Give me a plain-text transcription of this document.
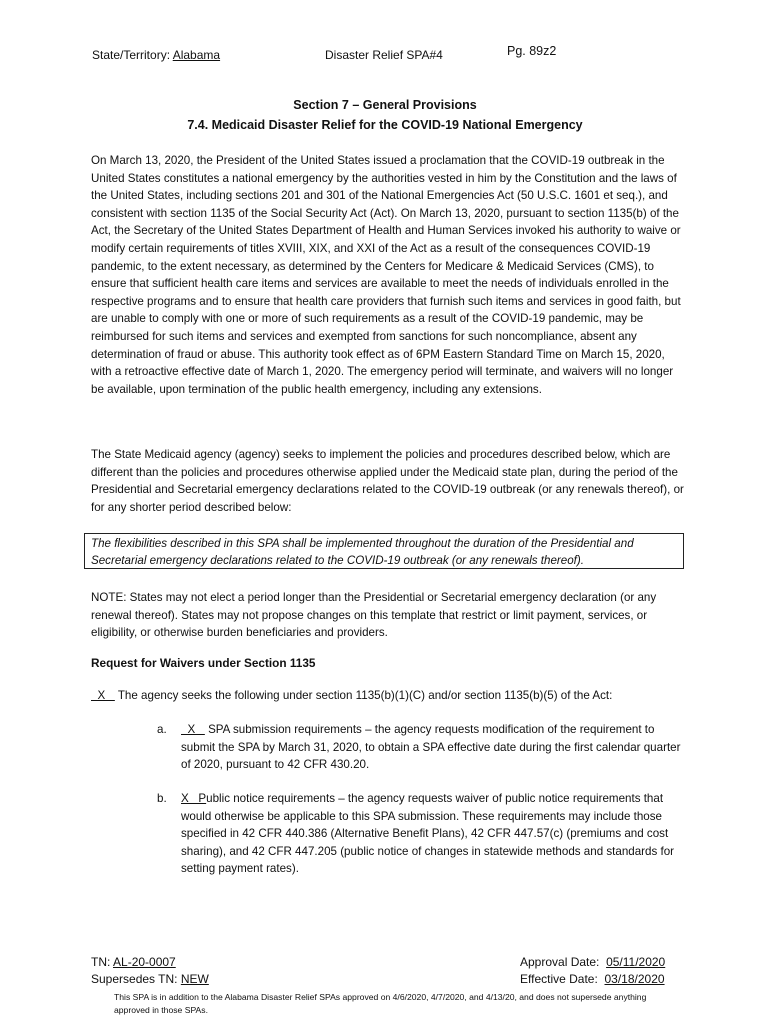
State/Territory: Alabama	Disaster Relief SPA#4	Pg. 89z2
Section 7 – General Provisions
7.4. Medicaid Disaster Relief for the COVID-19 National Emergency

On March 13, 2020, the President of the United States issued a proclamation that the COVID-19 outbreak in the United States constitutes a national emergency by the authorities vested in him by the Constitution and the laws of the United States, including sections 201 and 301 of the National Emergencies Act (50 U.S.C. 1601 et seq.), and consistent with section 1135 of the Social Security Act (Act). On March 13, 2020, pursuant to section 1135(b) of the Act, the Secretary of the United States Department of Health and Human Services invoked his authority to waive or modify certain requirements of titles XVIII, XIX, and XXI of the Act as a result of the consequences COVID-19 pandemic, to the extent necessary, as determined by the Centers for Medicare & Medicaid Services (CMS), to ensure that sufficient health care items and services are available to meet the needs of individuals enrolled in the respective programs and to ensure that health care providers that furnish such items and services in good faith, but are unable to comply with one or more of such requirements as a result of the COVID-19 pandemic, may be reimbursed for such items and services and exempted from sanctions for such noncompliance, absent any determination of fraud or abuse. This authority took effect as of 6PM Eastern Standard Time on March 15, 2020, with a retroactive effective date of March 1, 2020. The emergency period will terminate, and waivers will no longer be available, upon termination of the public health emergency, including any extensions.

The State Medicaid agency (agency) seeks to implement the policies and procedures described below, which are different than the policies and procedures otherwise applied under the Medicaid state plan, during the period of the Presidential and Secretarial emergency declarations related to the COVID-19 outbreak (or any renewals thereof), or for any shorter period described below:

The flexibilities described in this SPA shall be implemented throughout the duration of the Presidential and Secretarial emergency declarations related to the COVID-19 outbreak (or any renewals thereof).

NOTE: States may not elect a period longer than the Presidential or Secretarial emergency declaration (or any renewal thereof). States may not propose changes on this template that restrict or limit payment, services, or eligibility, or otherwise burden beneficiaries and providers.

Request for Waivers under Section 1135
X    The agency seeks the following under section 1135(b)(1)(C) and/or section 1135(b)(5) of the Act:
a. X    SPA submission requirements – the agency requests modification of the requirement to submit the SPA by March 31, 2020, to obtain a SPA effective date during the first calendar quarter of 2020, pursuant to 42 CFR 430.20.
b. X   Public notice requirements – the agency requests waiver of public notice requirements that would otherwise be applicable to this SPA submission. These requirements may include those specified in 42 CFR 440.386 (Alternative Benefit Plans), 42 CFR 447.57(c) (premiums and cost sharing), and 42 CFR 447.205 (public notice of changes in statewide methods and standards for setting payment rates).
TN: AL-20-0007
Supersedes TN: NEW
Approval Date: 05/11/2020
Effective Date: 03/18/2020
This SPA is in addition to the Alabama Disaster Relief SPAs approved on 4/6/2020, 4/7/2020, and 4/13/20, and does not supersede anything approved in those SPAs.
